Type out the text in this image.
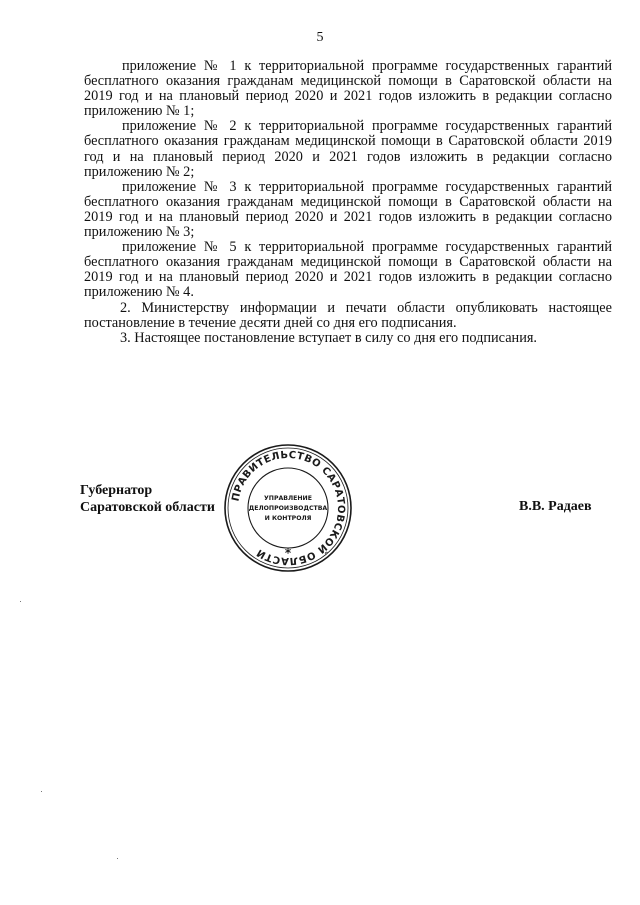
5

приложение № 1 к территориальной программе государственных гарантий бесплатного оказания гражданам медицинской помощи в Саратовской области на 2019 год и на плановый период 2020 и 2021 годов изложить в редакции согласно приложению № 1;

приложение № 2 к территориальной программе государственных гарантий бесплатного оказания гражданам медицинской помощи в Саратовской области 2019 год и на плановый период 2020 и 2021 годов изложить в редакции согласно приложению № 2;

приложение № 3 к территориальной программе государственных гарантий бесплатного оказания гражданам медицинской помощи в Саратовской области на 2019 год и на плановый период 2020 и 2021 годов изложить в редакции согласно приложению № 3;

приложение № 5 к территориальной программе государственных гарантий бесплатного оказания гражданам медицинской помощи в Саратовской области на 2019 год и на плановый период 2020 и 2021 годов изложить в редакции согласно приложению № 4.

2. Министерству информации и печати области опубликовать настоящее постановление в течение десяти дней со дня его подписания.

3. Настоящее постановление вступает в силу со дня его подписания.

Губернатор
Саратовской области	В.В. Радаев
ПРАВИТЕЛЬСТВО САРАТОВСКОЙ ОБЛАСТИ
УПРАВЛЕНИЕ
ДЕЛОПРОИЗВОДСТВА
И КОНТРОЛЯ
*
